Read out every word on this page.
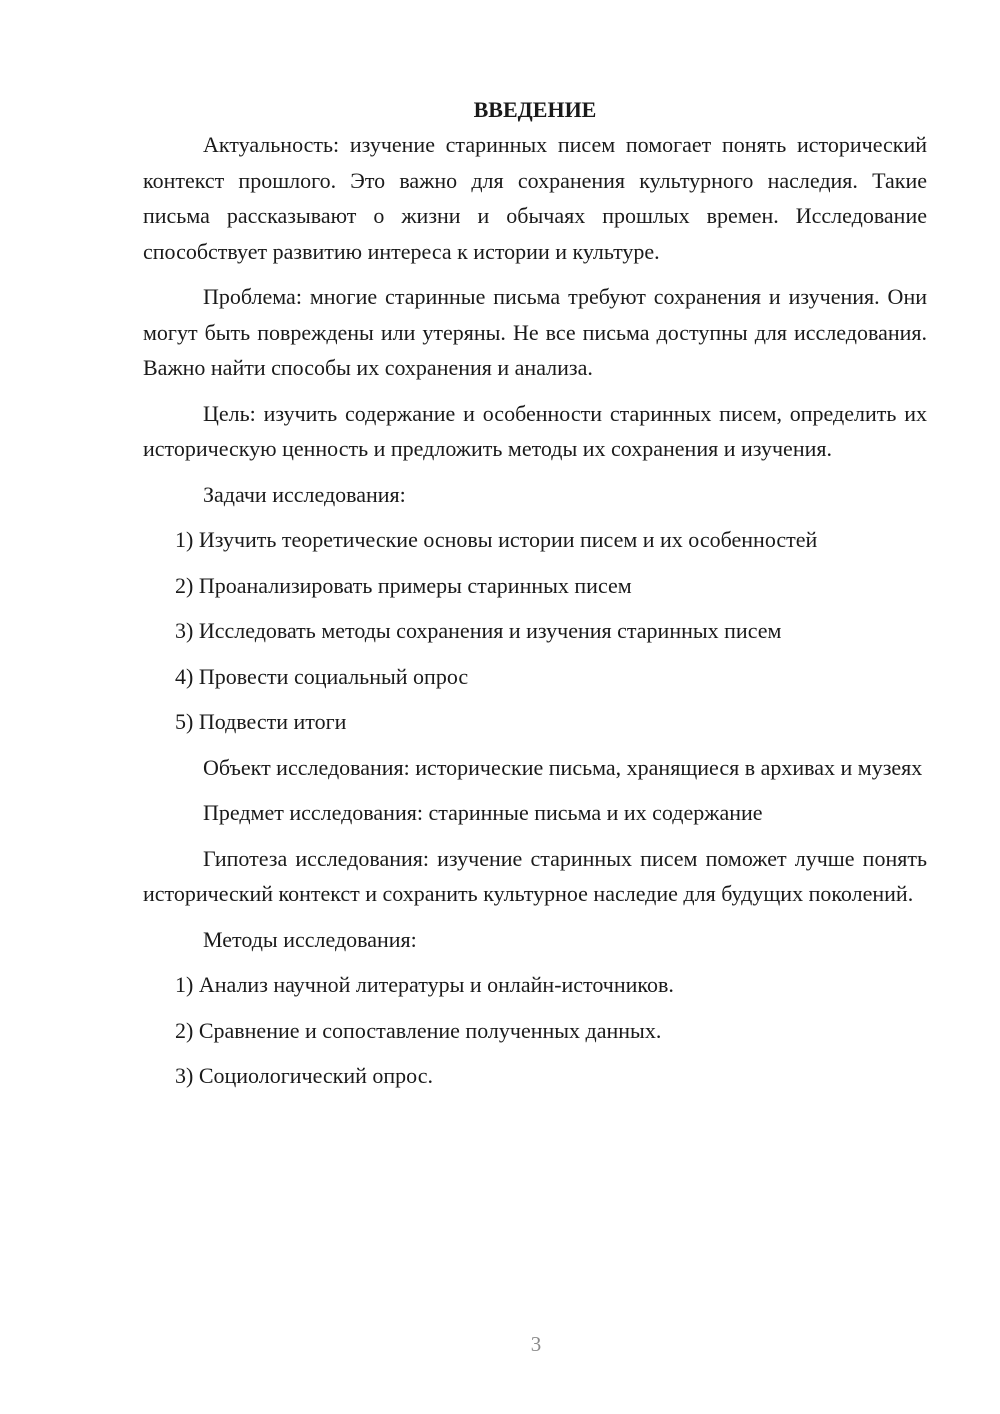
ВВЕДЕНИЕ

Актуальность: изучение старинных писем помогает понять исторический контекст прошлого. Это важно для сохранения культурного наследия. Такие письма рассказывают о жизни и обычаях прошлых времен. Исследование способствует развитию интереса к истории и культуре.

Проблема: многие старинные письма требуют сохранения и изучения. Они могут быть повреждены или утеряны. Не все письма доступны для исследования. Важно найти способы их сохранения и анализа.

Цель: изучить содержание и особенности старинных писем, определить их историческую ценность и предложить методы их сохранения и изучения.

Задачи исследования:

1) Изучить теоретические основы истории писем и их особенностей

2) Проанализировать примеры старинных писем

3) Исследовать методы сохранения и изучения старинных писем

4) Провести социальный опрос

5) Подвести итоги

Объект исследования: исторические письма, хранящиеся в архивах и музеях

Предмет исследования: старинные письма и их содержание

Гипотеза исследования: изучение старинных писем поможет лучше понять исторический контекст и сохранить культурное наследие для будущих поколений.

Методы исследования:

1) Анализ научной литературы и онлайн-источников.

2) Сравнение и сопоставление полученных данных.

3) Социологический опрос.

3
